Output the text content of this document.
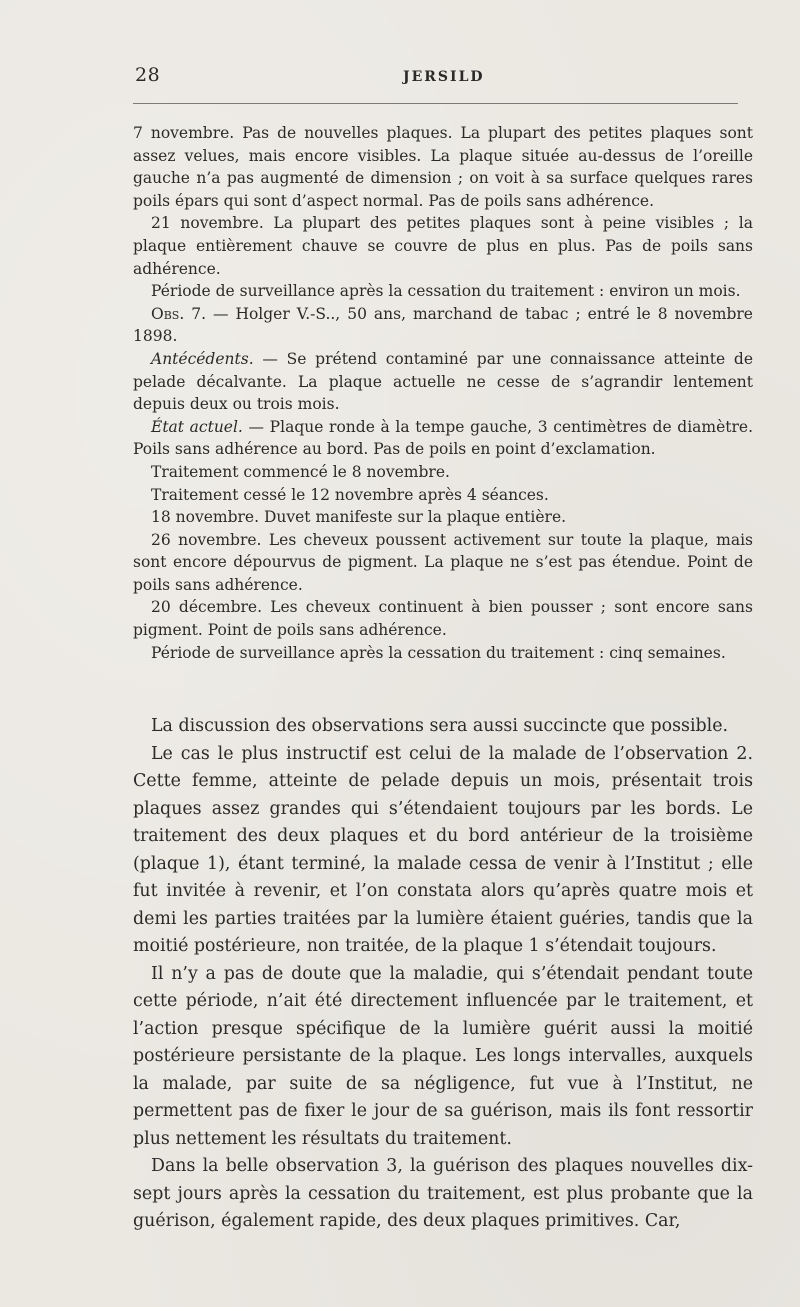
28	JERSILD

7 novembre. Pas de nouvelles plaques. La plupart des petites plaques sont assez velues, mais encore visibles. La plaque située au-dessus de l’oreille gauche n’a pas augmenté de dimension ; on voit à sa surface quelques rares poils épars qui sont d’aspect normal. Pas de poils sans adhérence.

21 novembre. La plupart des petites plaques sont à peine visibles ; la plaque entièrement chauve se couvre de plus en plus. Pas de poils sans adhérence.

Période de surveillance après la cessation du traitement : environ un mois.

Obs. 7. — Holger V.-S.., 50 ans, marchand de tabac ; entré le 8 novembre 1898.

Antécédents. — Se prétend contaminé par une connaissance atteinte de pelade décalvante. La plaque actuelle ne cesse de s’agrandir lentement depuis deux ou trois mois.

État actuel. — Plaque ronde à la tempe gauche, 3 centimètres de diamètre. Poils sans adhérence au bord. Pas de poils en point d’exclamation.

Traitement commencé le 8 novembre.

Traitement cessé le 12 novembre après 4 séances.

18 novembre. Duvet manifeste sur la plaque entière.

26 novembre. Les cheveux poussent activement sur toute la plaque, mais sont encore dépourvus de pigment. La plaque ne s’est pas étendue. Point de poils sans adhérence.

20 décembre. Les cheveux continuent à bien pousser ; sont encore sans pigment. Point de poils sans adhérence.

Période de surveillance après la cessation du traitement : cinq semaines.

La discussion des observations sera aussi succincte que possible.

Le cas le plus instructif est celui de la malade de l’observation 2. Cette femme, atteinte de pelade depuis un mois, présentait trois plaques assez grandes qui s’étendaient toujours par les bords. Le traitement des deux plaques et du bord antérieur de la troisième (plaque 1), étant terminé, la malade cessa de venir à l’Institut ; elle fut invitée à revenir, et l’on constata alors qu’après quatre mois et demi les parties traitées par la lumière étaient guéries, tandis que la moitié postérieure, non traitée, de la plaque 1 s’étendait toujours.

Il n’y a pas de doute que la maladie, qui s’étendait pendant toute cette période, n’ait été directement influencée par le traitement, et l’action presque spécifique de la lumière guérit aussi la moitié postérieure persistante de la plaque. Les longs intervalles, auxquels la malade, par suite de sa négligence, fut vue à l’Institut, ne permettent pas de fixer le jour de sa guérison, mais ils font ressortir plus nettement les résultats du traitement.

Dans la belle observation 3, la guérison des plaques nouvelles dix-sept jours après la cessation du traitement, est plus probante que la guérison, également rapide, des deux plaques primitives. Car,
